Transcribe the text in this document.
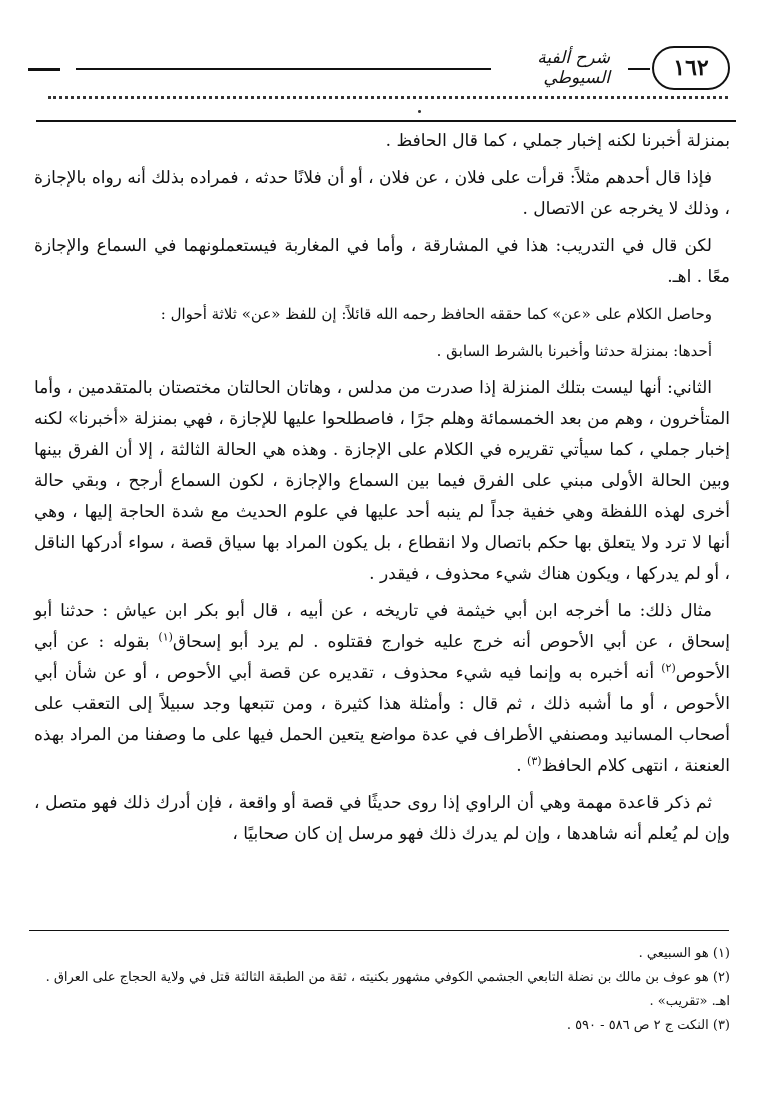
شرح ألفية السيوطي	١٦٢

بمنزلة أخبرنا لكنه إخبار جملي ، كما قال الحافظ .

فإذا قال أحدهم مثلاً: قرأت على فلان ، عن فلان ، أو أن فلانًا حدثه ، فمراده بذلك أنه رواه بالإجازة ، وذلك لا يخرجه عن الاتصال .

لكن قال في التدريب: هذا في المشارقة ، وأما في المغاربة فيستعملونهما في السماع والإجازة معًا . اهـ.

وحاصل الكلام على «عن» كما حققه الحافظ رحمه الله قائلاً: إن للفظ «عن» ثلاثة أحوال :

أحدها: بمنزلة حدثنا وأخبرنا بالشرط السابق .

الثاني: أنها ليست بتلك المنزلة إذا صدرت من مدلس ، وهاتان الحالتان مختصتان بالمتقدمين ، وأما المتأخرون ، وهم من بعد الخمسمائة وهلم جرًا ، فاصطلحوا عليها للإجازة ، فهي بمنزلة «أخبرنا» لكنه إخبار جملي ، كما سيأتي تقريره في الكلام على الإجازة . وهذه هي الحالة الثالثة ، إلا أن الفرق بينها وبين الحالة الأولى مبني على الفرق فيما بين السماع والإجازة ، لكون السماع أرجح ، وبقي حالة أخرى لهذه اللفظة وهي خفية جداً لم ينبه أحد عليها في علوم الحديث مع شدة الحاجة إليها ، وهي أنها لا ترد ولا يتعلق بها حكم باتصال ولا انقطاع ، بل يكون المراد بها سياق قصة ، سواء أدركها الناقل ، أو لم يدركها ، ويكون هناك شيء محذوف ، فيقدر .

مثال ذلك: ما أخرجه ابن أبي خيثمة في تاريخه ، عن أبيه ، قال أبو بكر ابن عياش : حدثنا أبو إسحاق ، عن أبي الأحوص أنه خرج عليه خوارج فقتلوه . لم يرد أبو إسحاق$^{(١)}$ بقوله : عن أبي الأحوص$^{(٢)}$ أنه أخبره به وإنما فيه شيء محذوف ، تقديره عن قصة أبي الأحوص ، أو عن شأن أبي الأحوص ، أو ما أشبه ذلك ، ثم قال : وأمثلة هذا كثيرة ، ومن تتبعها وجد سبيلاً إلى التعقب على أصحاب المسانيد ومصنفي الأطراف في عدة مواضع يتعين الحمل فيها على ما وصفنا من المراد بهذه العنعنة ، انتهى كلام الحافظ$^{(٣)}$ .

ثم ذكر قاعدة مهمة وهي أن الراوي إذا روى حديثًا في قصة أو واقعة ، فإن أدرك ذلك فهو متصل ، وإن لم يُعلم أنه شاهدها ، وإن لم يدرك ذلك فهو مرسل إن كان صحابيًا ،

(١) هو السبيعي .
(٢) هو عوف بن مالك بن نضلة التابعي الجشمي الكوفي مشهور بكنيته ، ثقة من الطبقة الثالثة قتل في ولاية الحجاج على العراق . اهـ. «تقريب» .
(٣) النكت ج ٢ ص ٥٨٦ - ٥٩٠ .
